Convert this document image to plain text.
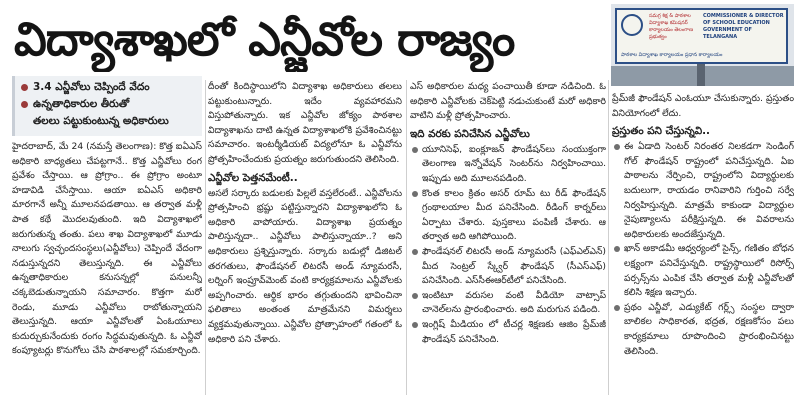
విద్యాశాఖలో ఎన్జీవోల రాజ్యం	సమగ్ర శిక్ష & పాఠశాల విద్యాశాఖ కమిషనర్ కార్యాలయం తెలంగాణ ప్రభుత్వం
COMMISSIONER & DIRECTOR OF SCHOOL EDUCATION GOVERNMENT OF TELANGANA
పాఠశాల విద్యాశాఖ కార్యాలయం ప్రధాన కార్యాలయం
3.4 ఎన్జీవోలు చెప్పిందే వేదం
ఉన్నతాధికారుల తీరుతో
తలలు పట్టుకుంటున్న అధికారులు

హైదరాబాద్, మే 24 (నమస్తే తెలంగాణ): కొత్త ఐఏఎస్ అధికారి బాధ్యతలు చేపట్టగానే.. కొత్త ఎన్జీవోలు రంగ ప్రవేశం చేస్తాయి. ఆ ప్రోగ్రాం.. ఈ ప్రోగ్రాం అంటూ హడావిడి చేసేస్తాయి. ఆయా ఐఏఎస్ అధికారి మారగానే అన్నీ మూలనపడతాయి. ఆ తర్వాత మళ్లీ పాత కథే మొదలవుతుంది. ఇది విద్యాశాఖలో జరుగుతున్న తంతు. పలు శాఖ విద్యాశాఖలో మూడు నాలుగు స్వచ్ఛందసంస్థలు(ఎన్జీవోలు) చెప్పిందే వేదంగా నడుస్తున్నదని తెలుస్తున్నది. ఈ ఎన్జీవోలు ఉన్నతాధికారుల కనుసన్నల్లో పనులన్నీ చక్కబెడుతున్నాయని సమాచారం. కొత్తగా మరో రెండు, మూడు ఎన్జీవోలు రాబోతున్నాయని తెలుస్తున్నది. ఆయా ఎన్జీవోలతో ఏంఓయూలు కుదుర్చుకునేందుకు రంగం సిద్ధమవుతున్నది. ఓ ఎన్జీవో కంప్యూటర్లు కొనుగోలు చేసి పాఠశాలల్లో సమకూర్చింది.

దీంతో కిందిస్థాయిలోని విద్యాశాఖ అధికారులు తలలు పట్టుకుంటున్నారు. ఇదేం వ్యవహారమని విస్తుపోతున్నారు. ఇక ఎన్జీవోల జోక్యం పాఠశాల విద్యాశాఖను దాటి ఉన్నత విద్యాశాఖలోకి ప్రవేశించినట్టు సమాచారం. ఇంటర్మీడియట్ విద్యలోనూ ఓ ఎన్జీవోను ప్రోత్సహించేందుకు ప్రయత్నం జరుగుతుందని తెలిసింది.

ఎన్జీవోల పెత్తనమేంటీ..

అసలే సర్కారు బడులకు పిల్లలే వస్తలేరంటే.. ఎన్జీవోలను ప్రోత్సహించి భ్రష్టు పట్టిస్తున్నారని విద్యాశాఖలోని ఓ అధికారి వాపోయారు. విద్యాశాఖ ప్రయత్నం పాలిస్తున్నదా.. ఎన్జీవోలు పాలిస్తున్నాయా..? అని అధికారులు ప్రశ్నిస్తున్నారు. సర్కారు బడుల్లో డిజిటల్ తరగతులు, ఫౌండేషనల్ లిటరసీ అండ్ న్యూమరసీ, లర్నింగ్ ఇంప్రూవ్‌మెంట్ వంటి కార్యక్రమాలను ఎన్జీవోలకు అప్పగించారు. ఆర్థిక భారం తగ్గుతుందని భావించినా ఫలితాలు అంతంత మాత్రమేనని విమర్శలు వ్యక్తమవుతున్నాయి. ఎన్జీవోల ప్రోత్సాహంలో గతంలో ఓ అధికారి పని చేశారు.

ఎస్ అధికారుల మధ్య పంచాయితీ కూడా నడిచింది. ఓ అధికారి ఎన్జీవోలకు చెక్‌పెట్టి నడుచుకుంటే మరో అధికారి వాటిని మళ్లీ ప్రోత్సహించారు.

ఇది వరకు పనిచేసిన ఎన్జీవోలు
యూనిసెఫ్, ఐంక్లూజన్ ఫౌండేషన్‌లు సంయుక్తంగా తెలంగాణ ఇన్నోవేషన్ సెంటర్‌ను నిర్వహించాయి. ఇప్పుడు అది మూలనపడింది.
కొంత కాలం క్రితం అసర్ రూమ్ టు రీడ్ ఫౌండేషన్ గ్రంథాలయాల మీద పనిచేసింది. రీడింగ్ కార్నర్‌లు ఏర్పాటు చేశారు. పుస్తకాలు పంపిణీ చేశారు. ఆ తర్వాత అది ఆగిపోయింది.
ఫౌండేషనల్ లిటరసీ అండ్ న్యూమరసీ (ఎఫ్ఎల్ఎన్) మీద సెంట్రల్ స్క్వేర్ ఫౌండేషన్ (సీఎస్ఎఫ్) పనిచేసింది. ఎస్‌సీఈఆర్‌టీలో పనిచేసింది.
ఇంటిటూ వరుసల వంటి వీడియో వాట్సాప్ చానెల్‌లను ప్రారంభించారు. అది మరుగున పడింది.
ఇంగ్లిష్ మీడియం లో టీచర్ల శిక్షణకు ఆజిం ప్రేమ్‌జీ ఫౌండేషన్ పనిచేసింది.

ప్రేమ్‌జీ ఫౌండేషన్ ఎంఓయూ చేసుకున్నారు. ప్రస్తుతం వినియోగంలో లేదు.

ప్రస్తుతం పని చేస్తున్నవి..
ఈ ఏడాది సెంటర్ నిరంతర నిలకడగా సెండింగ్ గోల్ ఫౌండేషన్ రాష్ట్రంలో పనిచేస్తున్నది. ఏఐ పాఠాలను నేర్పించి, రాష్ట్రంలోని విద్యార్థులకు బదులుగా, రాయడం రానివారిని గుర్తించి సర్వే నిర్వహిస్తున్నది. మాత్రమే కాకుండా విద్యార్థుల నైపుణ్యాలను పరీక్షిస్తున్నది. ఈ వివరాలను అధికారులకు అందజేస్తున్నది.
ఖాన్ అకాడమీ ఆధ్వర్యంలో సైన్స్, గణితం బోధన లక్ష్యంగా పనిచేస్తున్నది. రాష్ట్రస్థాయిలో రిసోర్స్ పర్సన్స్‌ను ఎంపిక చేసి తర్వాత మళ్లీ ఎన్జీవోలతో కలిసి శిక్షణ ఇచ్చారు.
ప్రథం ఎన్జీవో, ఎడ్యుకేట్ గర్ల్స్ సంస్థల ద్వారా బాలికల సాధికారత, భద్రత, రక్షణకోసం పలు కార్యక్రమాలు రూపొందించి ప్రారంభించినట్టు తెలిసింది.
